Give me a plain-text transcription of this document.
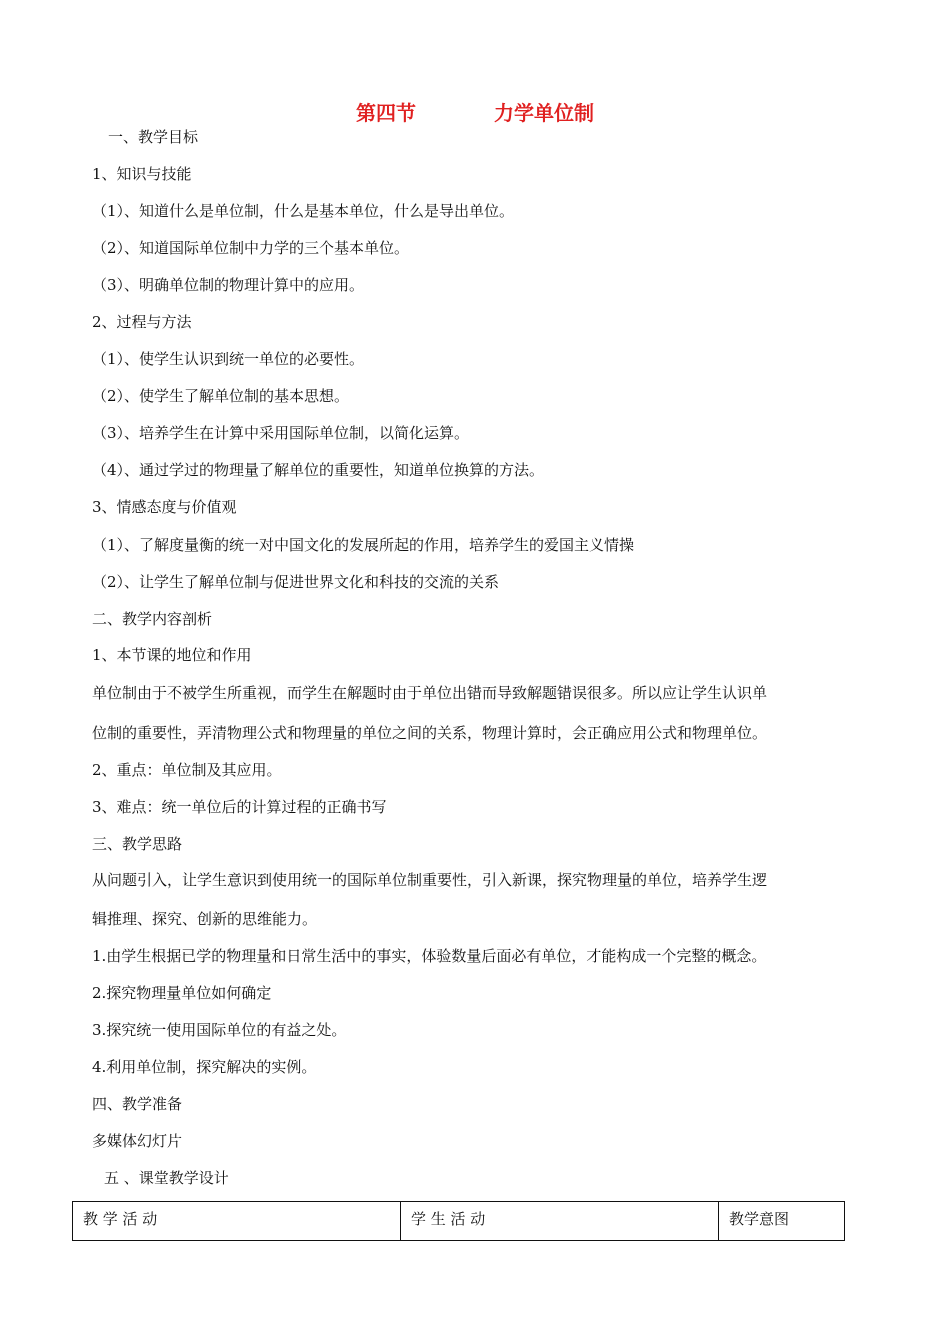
第四节	力学单位制
一、教学目标
1、知识与技能
（1）、知道什么是单位制，什么是基本单位，什么是导出单位。
（2）、知道国际单位制中力学的三个基本单位。
（3）、明确单位制的物理计算中的应用。
2、过程与方法
（1）、使学生认识到统一单位的必要性。
（2）、使学生了解单位制的基本思想。
（3）、培养学生在计算中采用国际单位制，以简化运算。
（4）、通过学过的物理量了解单位的重要性，知道单位换算的方法。
3、情感态度与价值观
（1）、了解度量衡的统一对中国文化的发展所起的作用，培养学生的爱国主义情操
（2）、让学生了解单位制与促进世界文化和科技的交流的关系
二、教学内容剖析
1、本节课的地位和作用
单位制由于不被学生所重视，而学生在解题时由于单位出错而导致解题错误很多。所以应让学生认识单
位制的重要性，弄清物理公式和物理量的单位之间的关系，物理计算时，会正确应用公式和物理单位。
2、重点：单位制及其应用。
3、难点：统一单位后的计算过程的正确书写
三、教学思路
从问题引入，让学生意识到使用统一的国际单位制重要性，引入新课，探究物理量的单位，培养学生逻
辑推理、探究、创新的思维能力。
1.由学生根据已学的物理量和日常生活中的事实，体验数量后面必有单位，才能构成一个完整的概念。
2.探究物理量单位如何确定
3.探究统一使用国际单位的有益之处。
4.利用单位制，探究解决的实例。
四、教学准备
多媒体幻灯片
五 、课堂教学设计
教 学 活 动	学 生 活 动	教学意图
